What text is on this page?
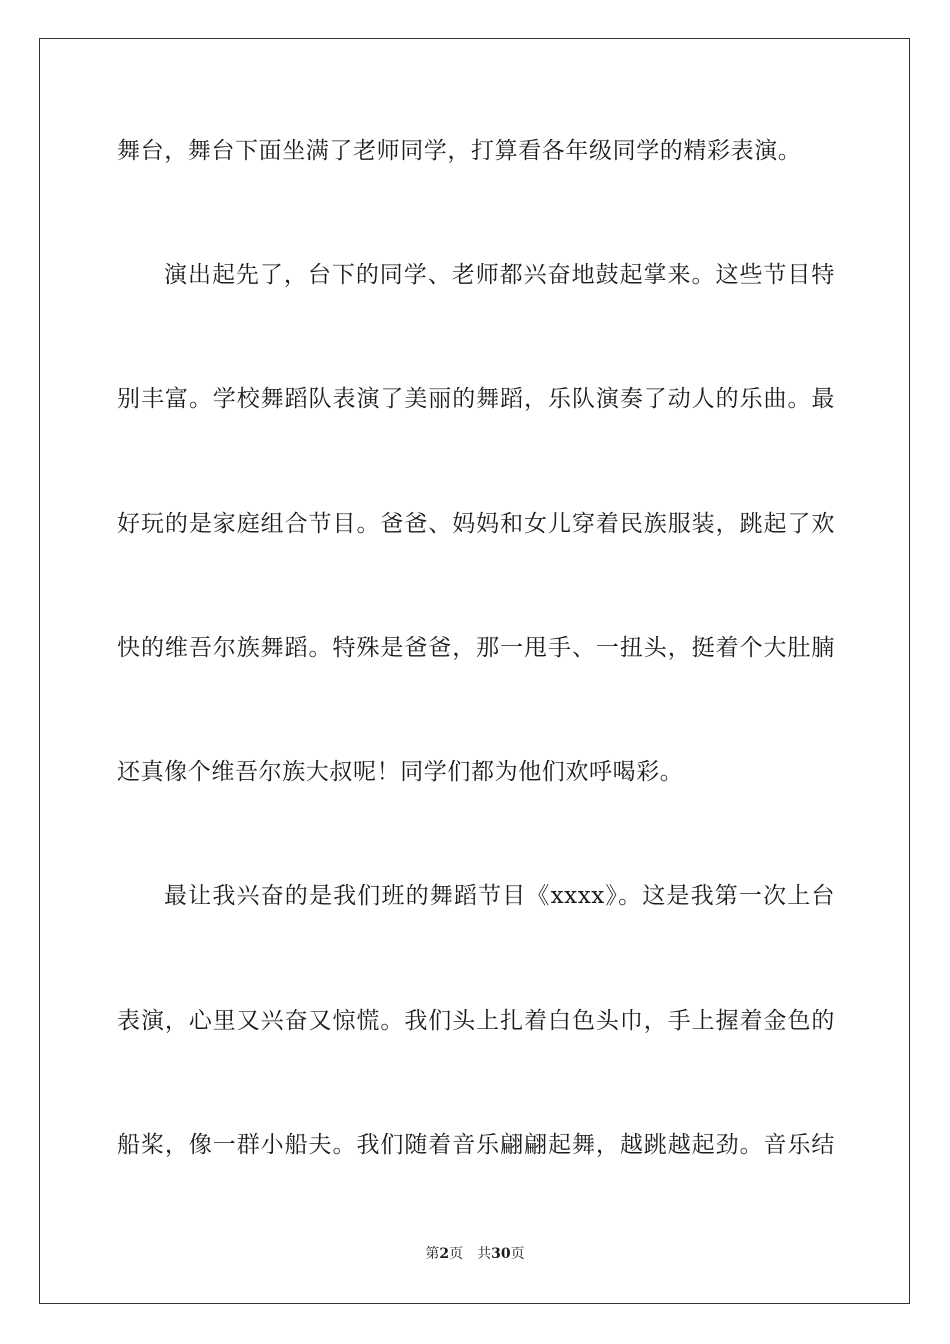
舞台，舞台下面坐满了老师同学，打算看各年级同学的精彩表演。
演出起先了，台下的同学、老师都兴奋地鼓起掌来。这些节目特
别丰富。学校舞蹈队表演了美丽的舞蹈，乐队演奏了动人的乐曲。最
好玩的是家庭组合节目。爸爸、妈妈和女儿穿着民族服装，跳起了欢
快的维吾尔族舞蹈。特殊是爸爸，那一甩手、一扭头，挺着个大肚腩
还真像个维吾尔族大叔呢！同学们都为他们欢呼喝彩。
最让我兴奋的是我们班的舞蹈节目《xxxx》。这是我第一次上台
表演，心里又兴奋又惊慌。我们头上扎着白色头巾，手上握着金色的
船桨，像一群小船夫。我们随着音乐翩翩起舞，越跳越起劲。音乐结
第2页 共30页
